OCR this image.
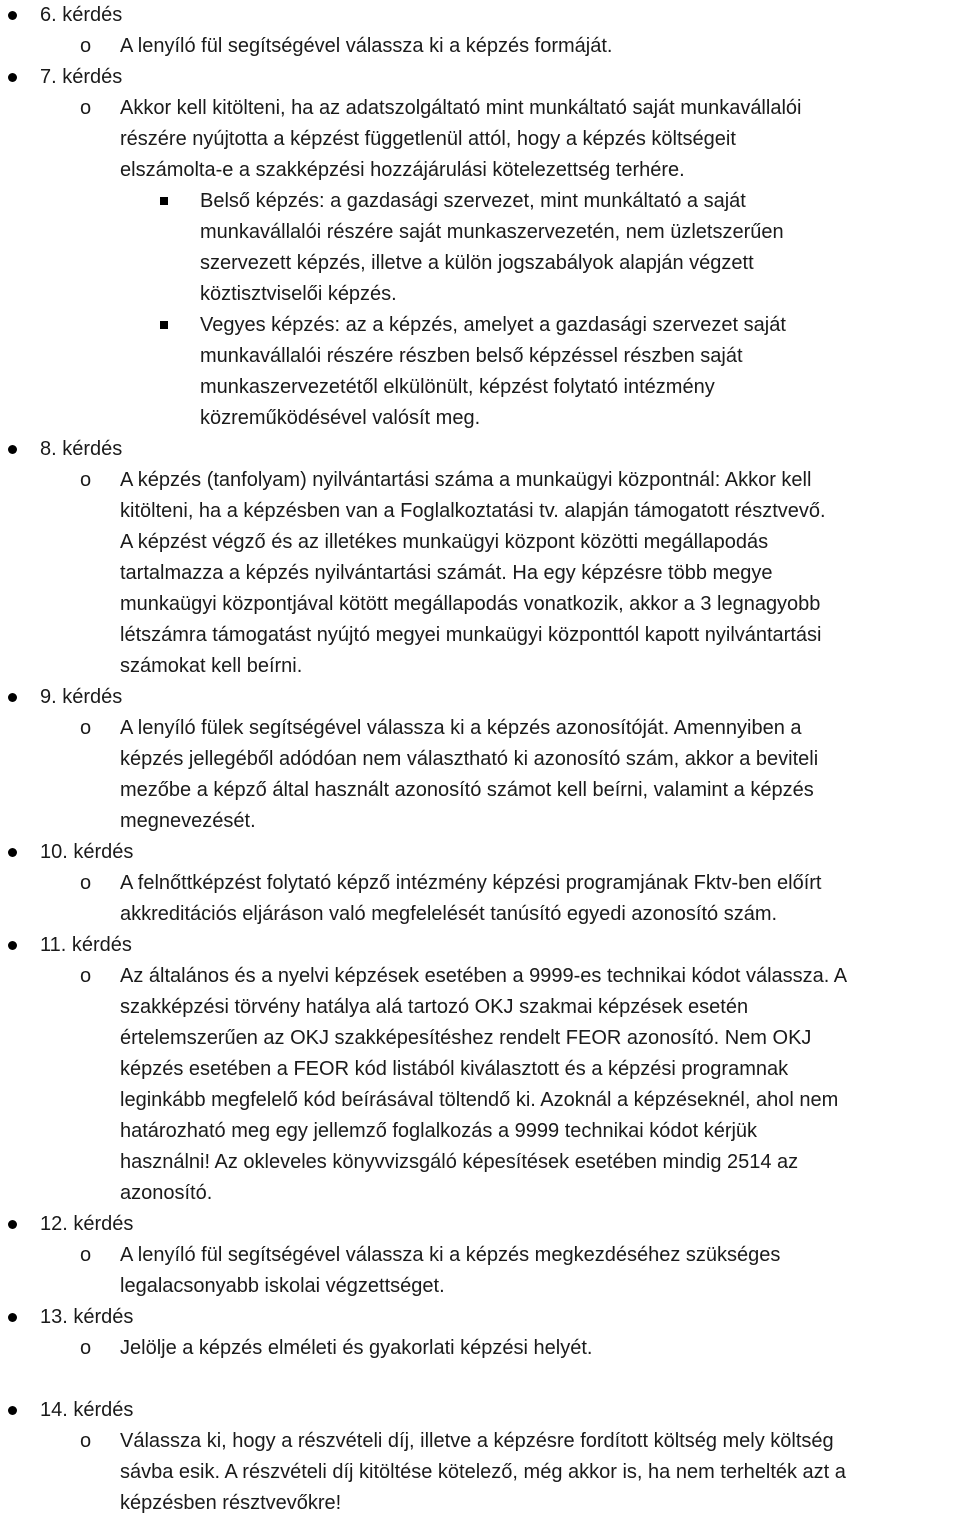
6. kérdés
o A lenyíló fül segítségével válassza ki a képzés formáját.
7. kérdés
o Akkor kell kitölteni, ha az adatszolgáltató mint munkáltató saját munkavállalói
részére nyújtotta a képzést függetlenül attól, hogy a képzés költségeit
elszámolta-e a szakképzési hozzájárulási kötelezettség terhére.
Belső képzés: a gazdasági szervezet, mint munkáltató a saját
munkavállalói részére saját munkaszervezetén, nem üzletszerűen
szervezett képzés, illetve a külön jogszabályok alapján végzett
köztisztviselői képzés.
Vegyes képzés: az a képzés, amelyet a gazdasági szervezet saját
munkavállalói részére részben belső képzéssel részben saját
munkaszervezetétől elkülönült, képzést folytató intézmény
közreműködésével valósít meg.
8. kérdés
o A képzés (tanfolyam) nyilvántartási száma a munkaügyi központnál: Akkor kell
kitölteni, ha a képzésben van a Foglalkoztatási tv. alapján támogatott résztvevő.
A képzést végző és az illetékes munkaügyi központ közötti megállapodás
tartalmazza a képzés nyilvántartási számát. Ha egy képzésre több megye
munkaügyi központjával kötött megállapodás vonatkozik, akkor a 3 legnagyobb
létszámra támogatást nyújtó megyei munkaügyi központtól kapott nyilvántartási
számokat kell beírni.
9. kérdés
o A lenyíló fülek segítségével válassza ki a képzés azonosítóját. Amennyiben a
képzés jellegéből adódóan nem választható ki azonosító szám, akkor a beviteli
mezőbe a képző által használt azonosító számot kell beírni, valamint a képzés
megnevezését.
10. kérdés
o A felnőttképzést folytató képző intézmény képzési programjának Fktv-ben előírt
akkreditációs eljáráson való megfelelését tanúsító egyedi azonosító szám.
11. kérdés
o Az általános és a nyelvi képzések esetében a 9999-es technikai kódot válassza. A
szakképzési törvény hatálya alá tartozó OKJ szakmai képzések esetén
értelemszerűen az OKJ szakképesítéshez rendelt FEOR azonosító. Nem OKJ
képzés esetében a FEOR kód listából kiválasztott és a képzési programnak
leginkább megfelelő kód beírásával töltendő ki. Azoknál a képzéseknél, ahol nem
határozható meg egy jellemző foglalkozás a 9999 technikai kódot kérjük
használni! Az okleveles könyvvizsgáló képesítések esetében mindig 2514 az
azonosító.
12. kérdés
o A lenyíló fül segítségével válassza ki a képzés megkezdéséhez szükséges
legalacsonyabb iskolai végzettséget.
13. kérdés
o Jelölje a képzés elméleti és gyakorlati képzési helyét.
14. kérdés
o Válassza ki, hogy a részvételi díj, illetve a képzésre fordított költség mely költség
sávba esik. A részvételi díj kitöltése kötelező, még akkor is, ha nem terhelték azt a
képzésben résztvevőkre!
